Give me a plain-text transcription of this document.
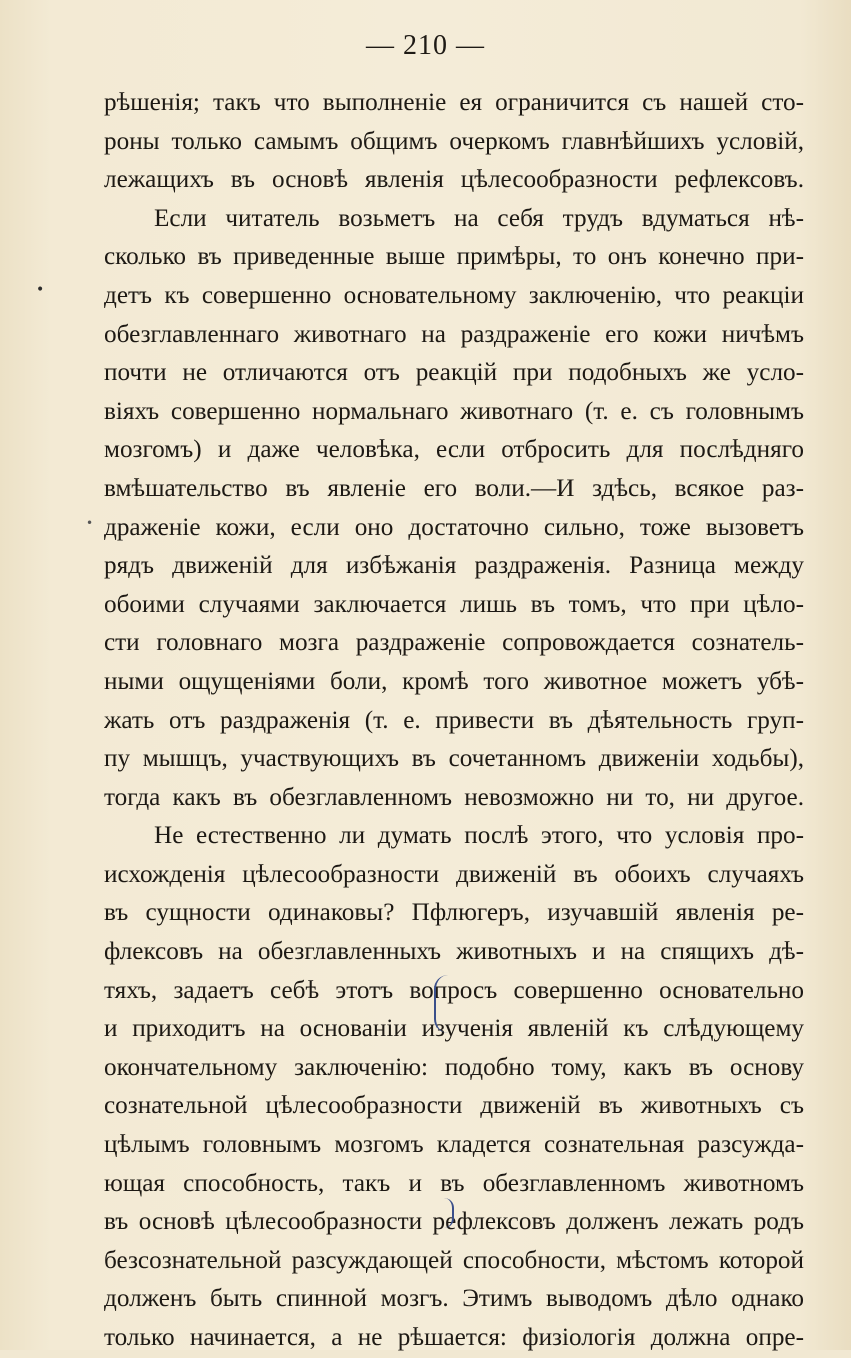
— 210 —
рѣшенія; такъ что выполненіе ея ограничится съ нашей сто-
роны только самымъ общимъ очеркомъ главнѣйшихъ условій,
лежащихъ въ основѣ явленія цѣлесообразности рефлексовъ.
Если читатель возьметъ на себя трудъ вдуматься нѣ-
сколько въ приведенные выше примѣры, то онъ конечно при-
детъ къ совершенно основательному заключенію, что реакціи
обезглавленнаго животнаго на раздраженіе его кожи ничѣмъ
почти не отличаются отъ реакцій при подобныхъ же усло-
віяхъ совершенно нормальнаго животнаго (т. е. съ головнымъ
мозгомъ) и даже человѣка, если отбросить для послѣдняго
вмѣшательство въ явленіе его воли.—И здѣсь, всякое раз-
драженіе кожи, если оно достаточно сильно, тоже вызоветъ
рядъ движеній для избѣжанія раздраженія. Разница между
обоими случаями заключается лишь въ томъ, что при цѣло-
сти головнаго мозга раздраженіе сопровождается сознатель-
ными ощущеніями боли, кромѣ того животное можетъ убѣ-
жать отъ раздраженія (т. е. привести въ дѣятельность груп-
пу мышцъ, участвующихъ въ сочетанномъ движеніи ходьбы),
тогда какъ въ обезглавленномъ невозможно ни то, ни другое.
Не естественно ли думать послѣ этого, что условія про-
исхожденія цѣлесообразности движеній въ обоихъ случаяхъ
въ сущности одинаковы? Пфлюгеръ, изучавшій явленія ре-
флексовъ на обезглавленныхъ животныхъ и на спящихъ дѣ-
тяхъ, задаетъ себѣ этотъ вопросъ совершенно основательно
и приходитъ на основаніи изученія явленій къ слѣдующему
окончательному заключенію: подобно тому, какъ въ основу
сознательной цѣлесообразности движеній въ животныхъ съ
цѣлымъ головнымъ мозгомъ кладется сознательная разсужда-
ющая способность, такъ и въ обезглавленномъ животномъ
въ основѣ цѣлесообразности рефлексовъ долженъ лежать родъ
безсознательной разсуждающей способности, мѣстомъ которой
долженъ быть спинной мозгъ. Этимъ выводомъ дѣло однако
только начинается, а не рѣшается: физіологія должна опре-
•
•
